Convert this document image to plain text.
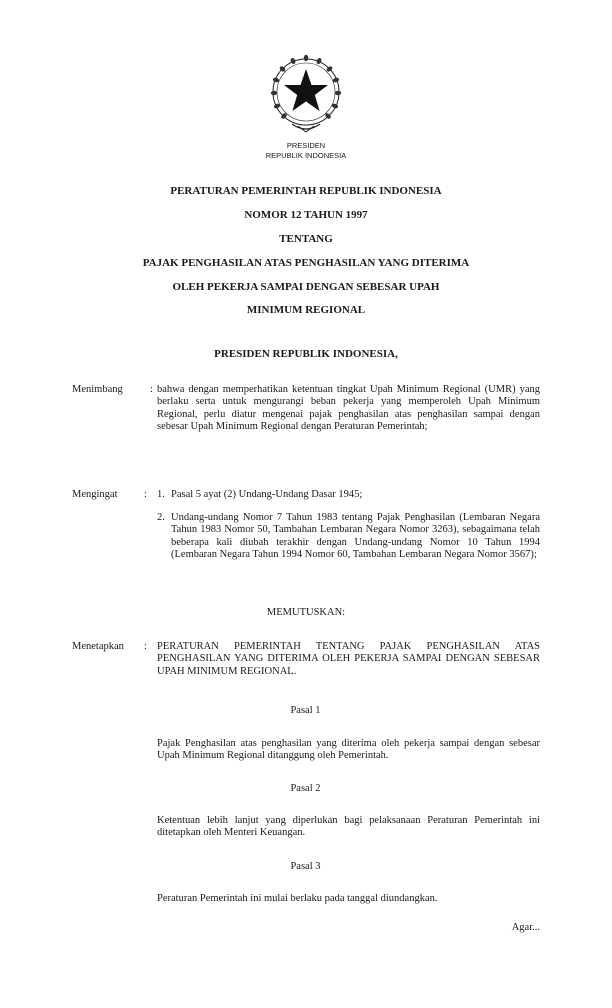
PRESIDEN
REPUBLIK INDONESIA
PERATURAN PEMERINTAH REPUBLIK INDONESIA
NOMOR 12 TAHUN 1997
TENTANG
PAJAK PENGHASILAN ATAS PENGHASILAN YANG DITERIMA
OLEH PEKERJA SAMPAI DENGAN SEBESAR UPAH
MINIMUM REGIONAL
PRESIDEN REPUBLIK INDONESIA,
Menimbang	: bahwa dengan memperhatikan ketentuan tingkat Upah Minimum Regional (UMR) yang berlaku serta untuk mengurangi beban pekerja yang memperoleh Upah Minimum Regional, perlu diatur mengenai pajak penghasilan atas penghasilan sampai dengan sebesar Upah Minimum Regional dengan Peraturan Pemerintah;
Mengingat	: 1. Pasal 5 ayat (2) Undang-Undang Dasar 1945;
2. Undang-undang Nomor 7 Tahun 1983 tentang Pajak Penghasilan (Lembaran Negara Tahun 1983 Nomor 50, Tambahan Lembaran Negara Nomor 3263), sebagaimana telah beberapa kali diubah terakhir dengan Undang-undang Nomor 10 Tahun 1994 (Lembaran Negara Tahun 1994 Nomor 60, Tambahan Lembaran Negara Nomor 3567);
MEMUTUSKAN:
Menetapkan : PERATURAN PEMERINTAH TENTANG PAJAK PENGHASILAN ATAS PENGHASILAN YANG DITERIMA OLEH PEKERJA SAMPAI DENGAN SEBESAR UPAH MINIMUM REGIONAL.
Pasal 1
Pajak Penghasilan atas penghasilan yang diterima oleh pekerja sampai dengan sebesar Upah Minimum Regional ditanggung oleh Pemerintah.
Pasal 2
Ketentuan lebih lanjut yang diperlukan bagi pelaksanaan Peraturan Pemerintah ini ditetapkan oleh Menteri Keuangan.
Pasal 3
Peraturan Pemerintah ini mulai berlaku pada tanggal diundangkan.
Agar...
